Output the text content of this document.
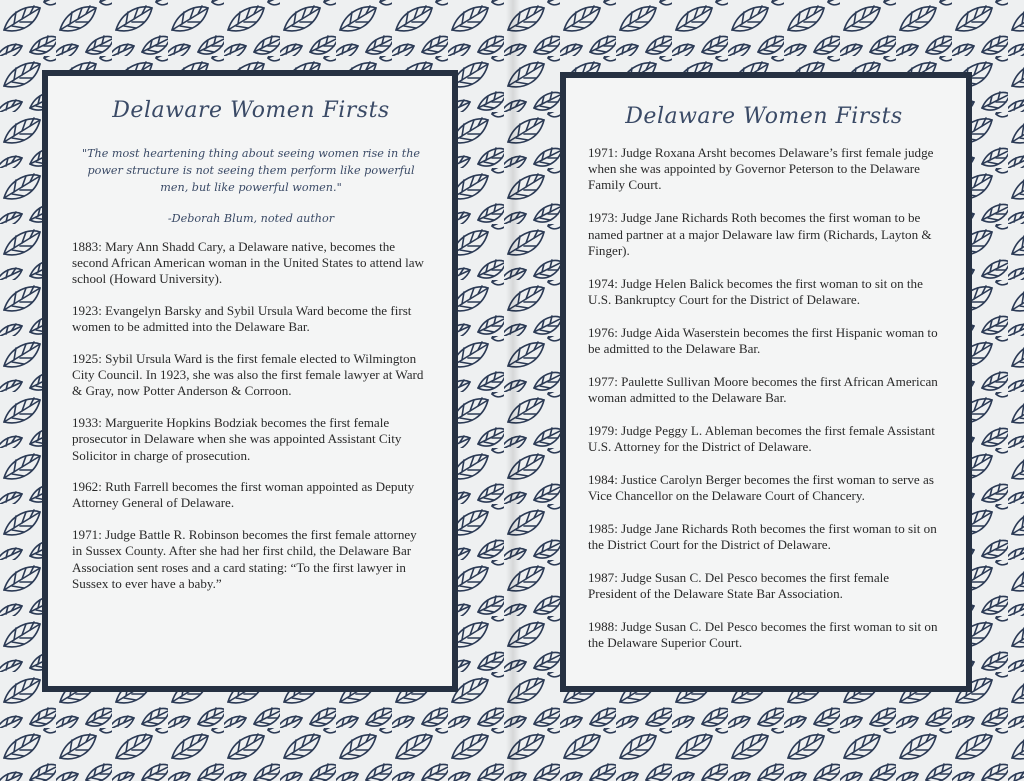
Delaware Women Firsts
"The most heartening thing about seeing women rise in the power structure is not seeing them perform like powerful men, but like powerful women."
-Deborah Blum, noted author

1883: Mary Ann Shadd Cary, a Delaware native, becomes the second African American woman in the United States to attend law school (Howard University).

1923: Evangelyn Barsky and Sybil Ursula Ward become the first women to be admitted into the Delaware Bar.

1925: Sybil Ursula Ward is the first female elected to Wilmington City Council. In 1923, she was also the first female lawyer at Ward & Gray, now Potter Anderson & Corroon.

1933: Marguerite Hopkins Bodziak becomes the first female prosecutor in Delaware when she was appointed Assistant City Solicitor in charge of prosecution.

1962: Ruth Farrell becomes the first woman appointed as Deputy Attorney General of Delaware.

1971: Judge Battle R. Robinson becomes the first female attorney in Sussex County. After she had her first child, the Delaware Bar Association sent roses and a card stating: “To the first lawyer in Sussex to ever have a baby.”

Delaware Women Firsts

1971: Judge Roxana Arsht becomes Delaware’s first female judge when she was appointed by Governor Peterson to the Delaware Family Court.

1973: Judge Jane Richards Roth becomes the first woman to be named partner at a major Delaware law firm (Richards, Layton & Finger).

1974: Judge Helen Balick becomes the first woman to sit on the U.S. Bankruptcy Court for the District of Delaware.

1976: Judge Aida Waserstein becomes the first Hispanic woman to be admitted to the Delaware Bar.

1977: Paulette Sullivan Moore becomes the first African American woman admitted to the Delaware Bar.

1979: Judge Peggy L. Ableman becomes the first female Assistant U.S. Attorney for the District of Delaware.

1984: Justice Carolyn Berger becomes the first woman to serve as Vice Chancellor on the Delaware Court of Chancery.

1985: Judge Jane Richards Roth becomes the first woman to sit on the District Court for the District of Delaware.

1987: Judge Susan C. Del Pesco becomes the first female President of the Delaware State Bar Association.

1988: Judge Susan C. Del Pesco becomes the first woman to sit on the Delaware Superior Court.
